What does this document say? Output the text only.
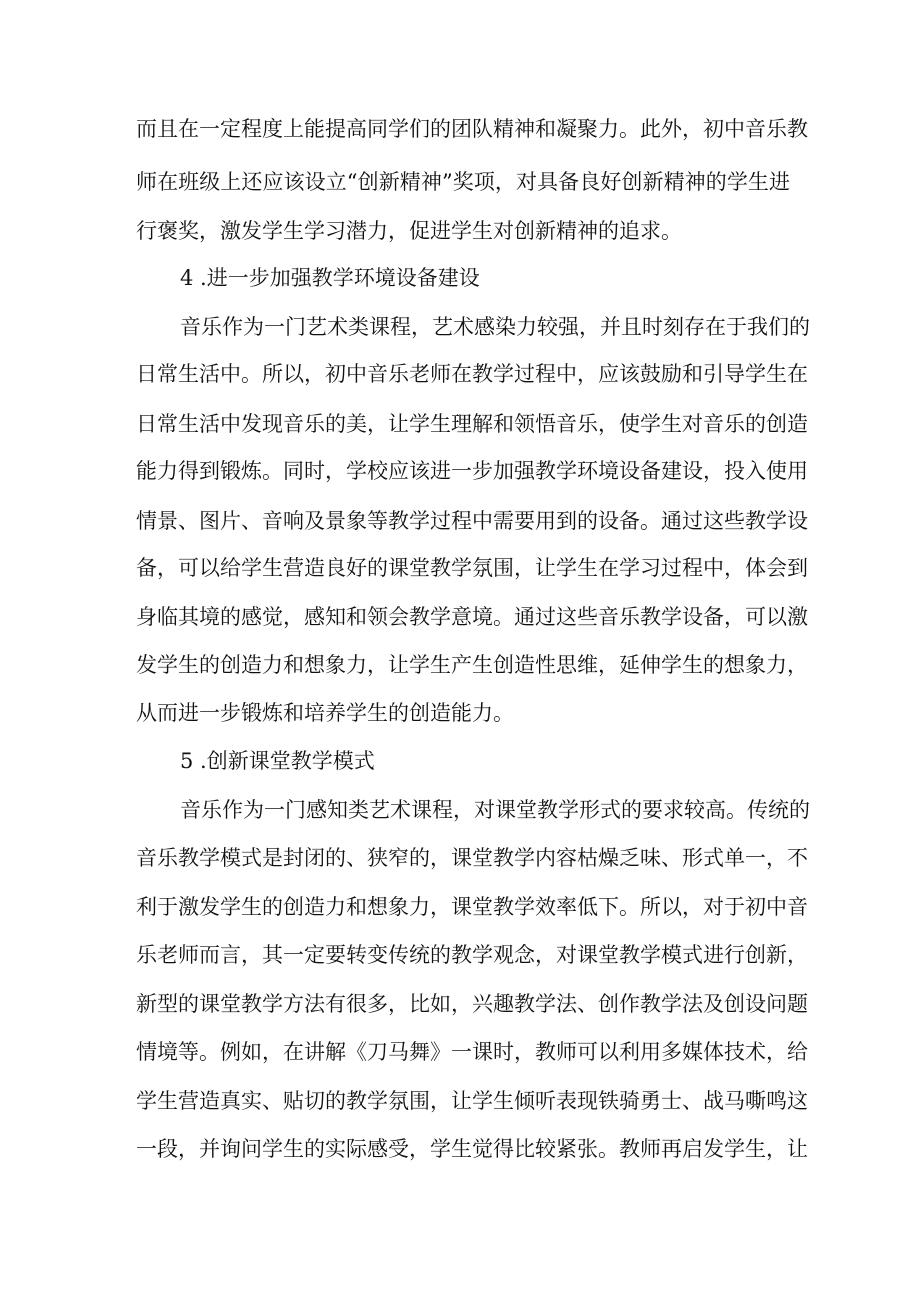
而且在一定程度上能提高同学们的团队精神和凝聚力。此外，初中音乐教
师在班级上还应该设立“创新精神”奖项，对具备良好创新精神的学生进
行褒奖，激发学生学习潜力，促进学生对创新精神的追求。
4 .进一步加强教学环境设备建设
音乐作为一门艺术类课程，艺术感染力较强，并且时刻存在于我们的
日常生活中。所以，初中音乐老师在教学过程中，应该鼓励和引导学生在
日常生活中发现音乐的美，让学生理解和领悟音乐，使学生对音乐的创造
能力得到锻炼。同时，学校应该进一步加强教学环境设备建设，投入使用
情景、图片、音响及景象等教学过程中需要用到的设备。通过这些教学设
备，可以给学生营造良好的课堂教学氛围，让学生在学习过程中，体会到
身临其境的感觉，感知和领会教学意境。通过这些音乐教学设备，可以激
发学生的创造力和想象力，让学生产生创造性思维，延伸学生的想象力，
从而进一步锻炼和培养学生的创造能力。
5 .创新课堂教学模式
音乐作为一门感知类艺术课程，对课堂教学形式的要求较高。传统的
音乐教学模式是封闭的、狭窄的，课堂教学内容枯燥乏味、形式单一，不
利于激发学生的创造力和想象力，课堂教学效率低下。所以，对于初中音
乐老师而言，其一定要转变传统的教学观念，对课堂教学模式进行创新，
新型的课堂教学方法有很多，比如，兴趣教学法、创作教学法及创设问题
情境等。例如，在讲解《刀马舞》一课时，教师可以利用多媒体技术，给
学生营造真实、贴切的教学氛围，让学生倾听表现铁骑勇士、战马嘶鸣这
一段，并询问学生的实际感受，学生觉得比较紧张。教师再启发学生，让
